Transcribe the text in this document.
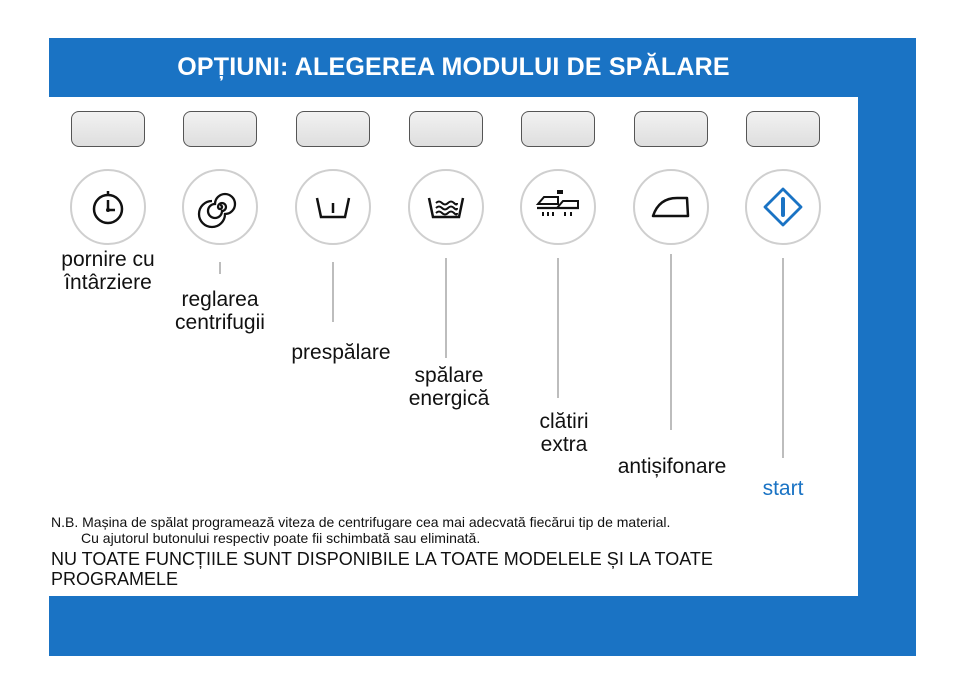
OPȚIUNI: ALEGEREA MODULUI DE SPĂLARE
pornire cu
întârziere
reglarea
centrifugii
prespălare
spălare
energică
clătiri
extra
antișifonare
start
N.B. Mașina de spălat programează viteza de centrifugare cea mai adecvată fiecărui tip de material.
Cu ajutorul butonului respectiv poate fii schimbată sau eliminată.
NU TOATE FUNCȚIILE SUNT DISPONIBILE LA TOATE MODELELE ȘI LA TOATE
PROGRAMELE
